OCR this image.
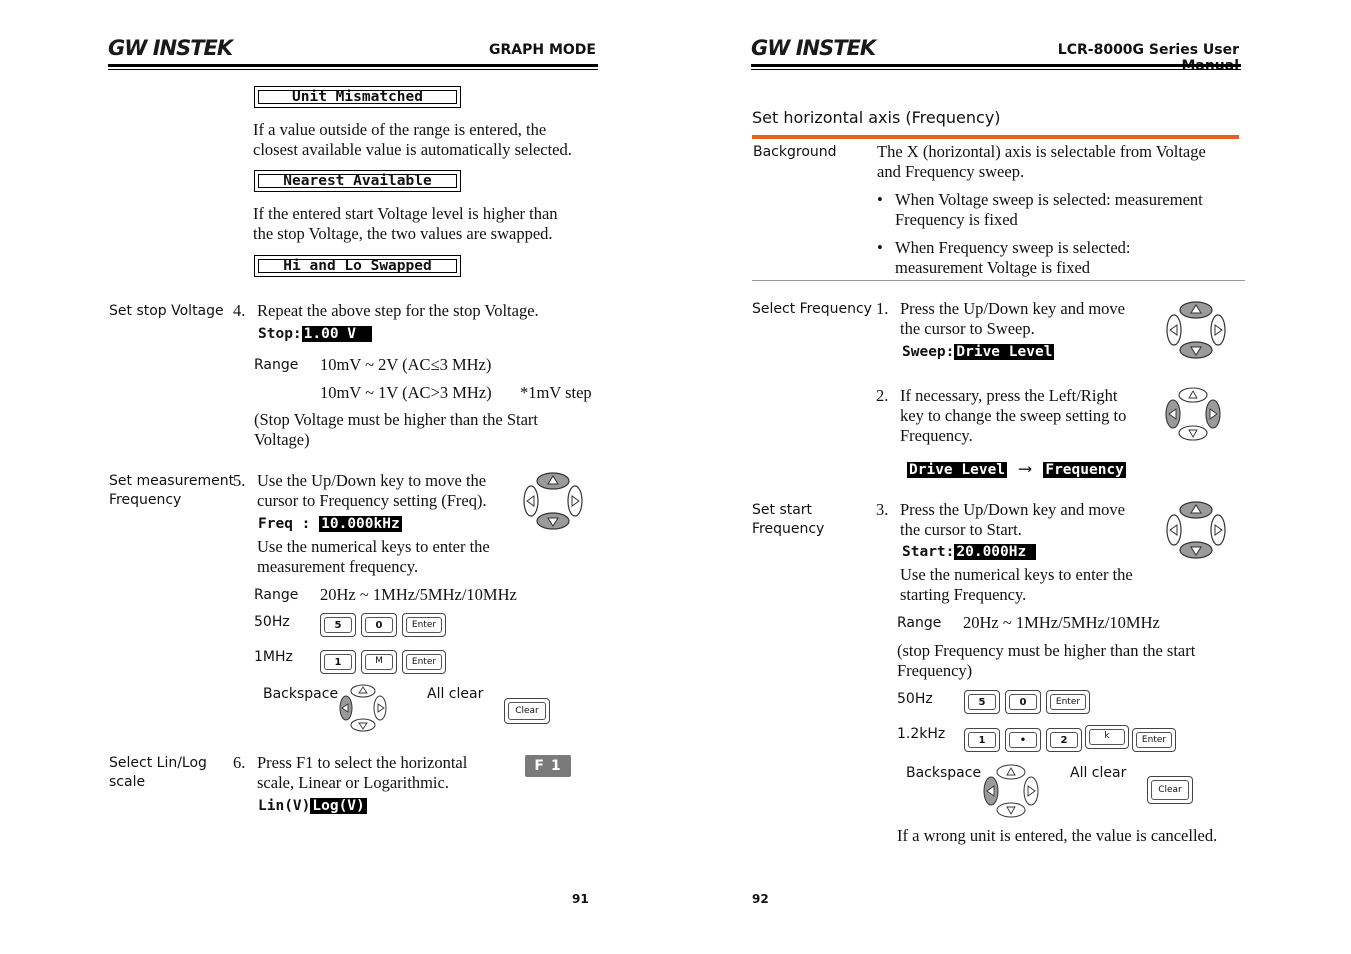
GW INSTEK	GRAPH MODE
Unit Mismatched
If a value outside of the range is entered, the
closest available value is automatically selected.
Nearest Available
If the entered start Voltage level is higher than
the stop Voltage, the two values are swapped.
Hi and Lo Swapped
Set stop Voltage 4. Repeat the above step for the stop Voltage.
Stop: 1.00 V
Range 10mV ~ 2V (AC≤3 MHz)
10mV ~ 1V (AC>3 MHz) *1mV step
(Stop Voltage must be higher than the Start
Voltage)
Set measurement
Frequency
5. Use the Up/Down key to move the
cursor to Frequency setting (Freq).
Freq : 10.000kHz
Use the numerical keys to enter the
measurement frequency.
Range 20Hz ~ 1MHz/5MHz/10MHz
50Hz	5	0	Enter
1MHz	1	M	Enter
Backspace	All clear
Clear
Select Lin/Log
scale
6. Press F1 to select the horizontal
scale, Linear or Logarithmic.
F 1
Lin(V) Log(V)
91
GW INSTEK	LCR-8000G Series User
Set horizontal axis (Frequency)
Background The X (horizontal) axis is selectable from Voltage
and Frequency sweep.
• When Voltage sweep is selected: measurement
Frequency is fixed
• When Frequency sweep is selected:
measurement Voltage is fixed
Select Frequency 1. Press the Up/Down key and move
the cursor to Sweep.
Sweep: Drive Level
2. If necessary, press the Left/Right
key to change the sweep setting to
Frequency.
Drive Level ⟶ Frequency
Set start
Frequency
3. Press the Up/Down key and move
the cursor to Start.
Start: 20.000Hz
Use the numerical keys to enter the
starting Frequency.
Range 20Hz ~ 1MHz/5MHz/10MHz
(stop Frequency must be higher than the start
Frequency)
50Hz	5	0	Enter
1.2kHz	1	•	2	k	Enter
Backspace	All clear
Clear
If a wrong unit is entered, the value is cancelled.
92
